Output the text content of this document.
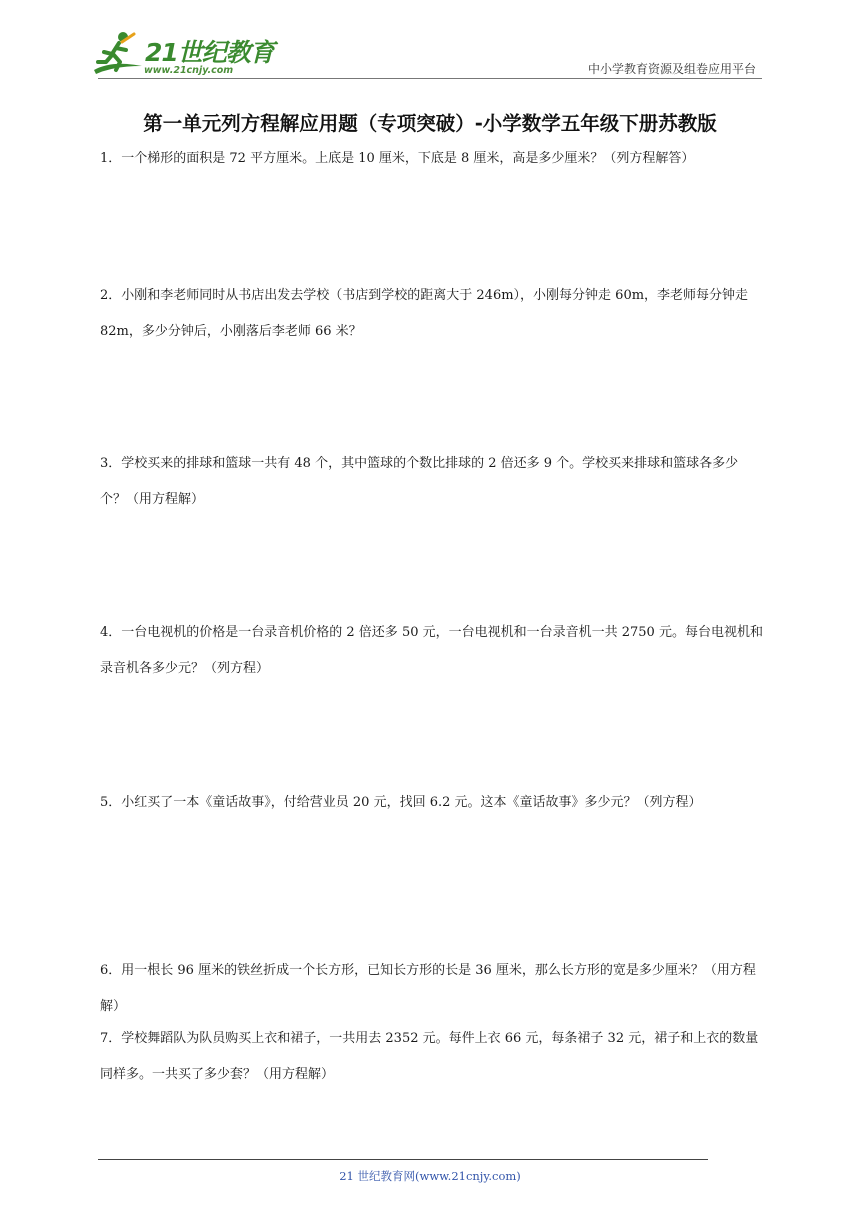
21世纪教育
www.21cnjy.com	中小学教育资源及组卷应用平台
第一单元列方程解应用题（专项突破）-小学数学五年级下册苏教版

1．一个梯形的面积是 72 平方厘米。上底是 10 厘米，下底是 8 厘米，高是多少厘米？（列方程解答）

2．小刚和李老师同时从书店出发去学校（书店到学校的距离大于 246m），小刚每分钟走 60m，李老师每分钟走 82m，多少分钟后，小刚落后李老师 66 米？

3．学校买来的排球和篮球一共有 48 个，其中篮球的个数比排球的 2 倍还多 9 个。学校买来排球和篮球各多少个？（用方程解）

4．一台电视机的价格是一台录音机价格的 2 倍还多 50 元，一台电视机和一台录音机一共 2750 元。每台电视机和录音机各多少元？（列方程）

5．小红买了一本《童话故事》，付给营业员 20 元，找回 6.2 元。这本《童话故事》多少元？（列方程）

6．用一根长 96 厘米的铁丝折成一个长方形，已知长方形的长是 36 厘米，那么长方形的宽是多少厘米？（用方程解）

7．学校舞蹈队为队员购买上衣和裙子，一共用去 2352 元。每件上衣 66 元，每条裙子 32 元，裙子和上衣的数量同样多。一共买了多少套？（用方程解）

21 世纪教育网(www.21cnjy.com)
